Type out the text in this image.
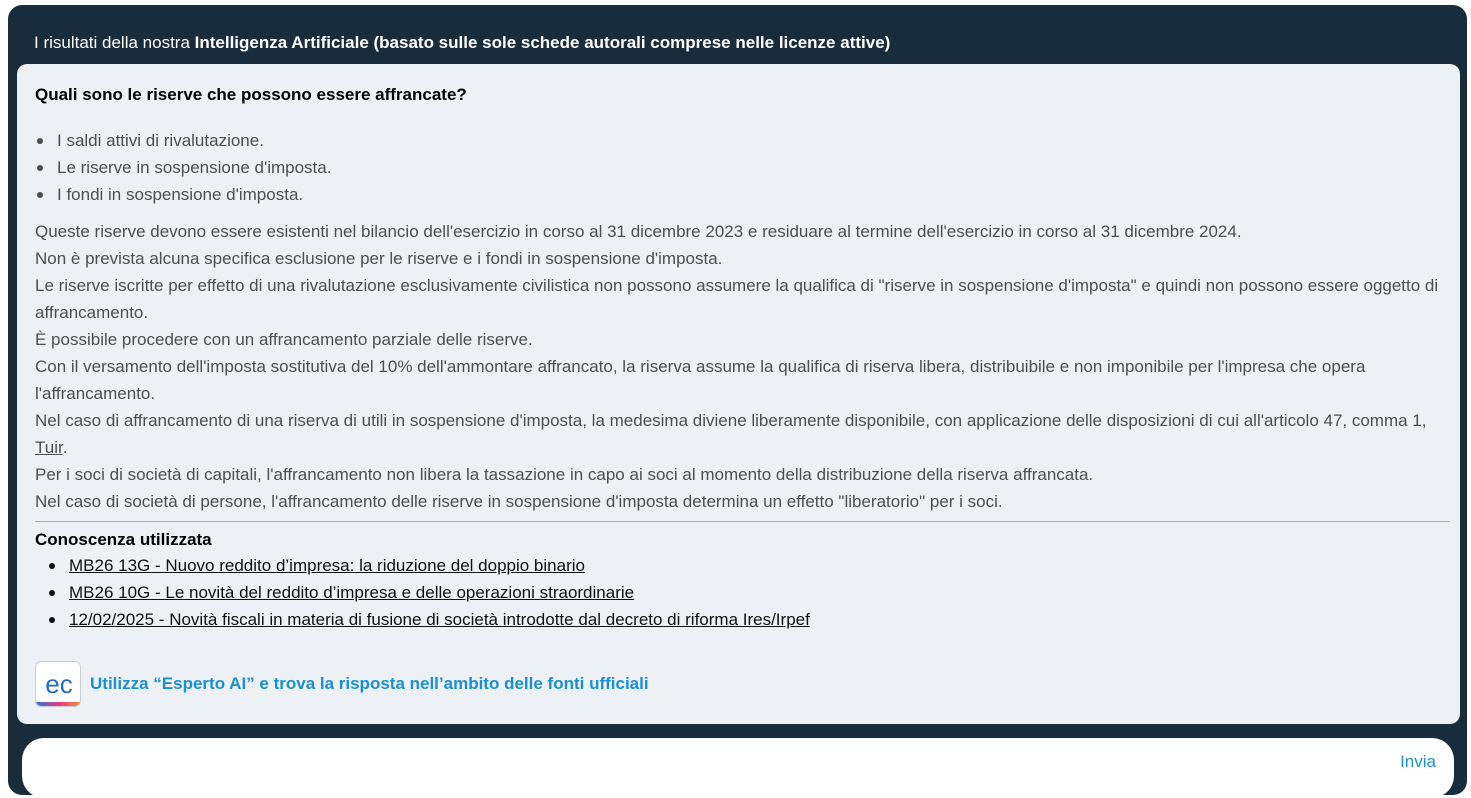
I risultati della nostra Intelligenza Artificiale (basato sulle sole schede autorali comprese nelle licenze attive)
Quali sono le riserve che possono essere affrancate?
I saldi attivi di rivalutazione.
Le riserve in sospensione d'imposta.
I fondi in sospensione d'imposta.

Queste riserve devono essere esistenti nel bilancio dell'esercizio in corso al 31 dicembre 2023 e residuare al termine dell'esercizio in corso al 31 dicembre 2024.

Non è prevista alcuna specifica esclusione per le riserve e i fondi in sospensione d'imposta.

Le riserve iscritte per effetto di una rivalutazione esclusivamente civilistica non possono assumere la qualifica di "riserve in sospensione d'imposta" e quindi non possono essere oggetto di affrancamento.

È possibile procedere con un affrancamento parziale delle riserve.

Con il versamento dell'imposta sostitutiva del 10% dell'ammontare affrancato, la riserva assume la qualifica di riserva libera, distribuibile e non imponibile per l'impresa che opera l'affrancamento.

Nel caso di affrancamento di una riserva di utili in sospensione d'imposta, la medesima diviene liberamente disponibile, con applicazione delle disposizioni di cui all'articolo 47, comma 1, Tuir.

Per i soci di società di capitali, l'affrancamento non libera la tassazione in capo ai soci al momento della distribuzione della riserva affrancata.

Nel caso di società di persone, l'affrancamento delle riserve in sospensione d'imposta determina un effetto "liberatorio" per i soci.

Conoscenza utilizzata
MB26 13G - Nuovo reddito d’impresa: la riduzione del doppio binario
MB26 10G - Le novità del reddito d’impresa e delle operazioni straordinarie
12/02/2025 - Novità fiscali in materia di fusione di società introdotte dal decreto di riforma Ires/Irpef
ec Utilizza “Esperto AI” e trova la risposta nell’ambito delle fonti ufficiali
Invia
